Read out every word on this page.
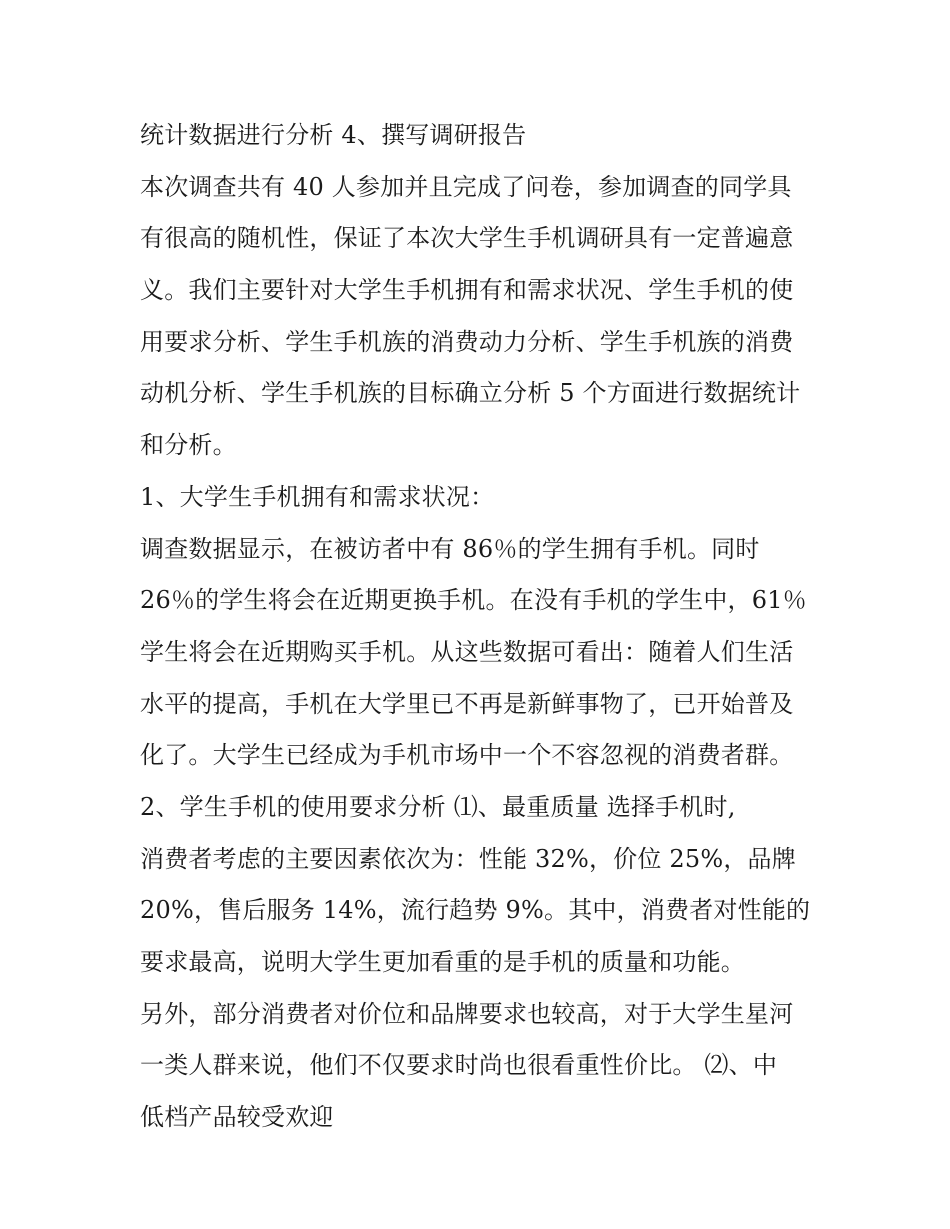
统计数据进行分析 4、撰写调研报告
本次调查共有 40 人参加并且完成了问卷，参加调查的同学具
有很高的随机性，保证了本次大学生手机调研具有一定普遍意
义。我们主要针对大学生手机拥有和需求状况、学生手机的使
用要求分析、学生手机族的消费动力分析、学生手机族的消费
动机分析、学生手机族的目标确立分析 5 个方面进行数据统计
和分析。
1、大学生手机拥有和需求状况：
调查数据显示，在被访者中有 86％的学生拥有手机。同时
26％的学生将会在近期更换手机。在没有手机的学生中，61％
学生将会在近期购买手机。从这些数据可看出：随着人们生活
水平的提高，手机在大学里已不再是新鲜事物了，已开始普及
化了。大学生已经成为手机市场中一个不容忽视的消费者群。
2、学生手机的使用要求分析 ⑴、最重质量 选择手机时,
消费者考虑的主要因素依次为：性能 32%，价位 25%，品牌
20%，售后服务 14%，流行趋势 9%。其中，消费者对性能的
要求最高，说明大学生更加看重的是手机的质量和功能。
另外，部分消费者对价位和品牌要求也较高，对于大学生星河
一类人群来说，他们不仅要求时尚也很看重性价比。 ⑵、中
低档产品较受欢迎
